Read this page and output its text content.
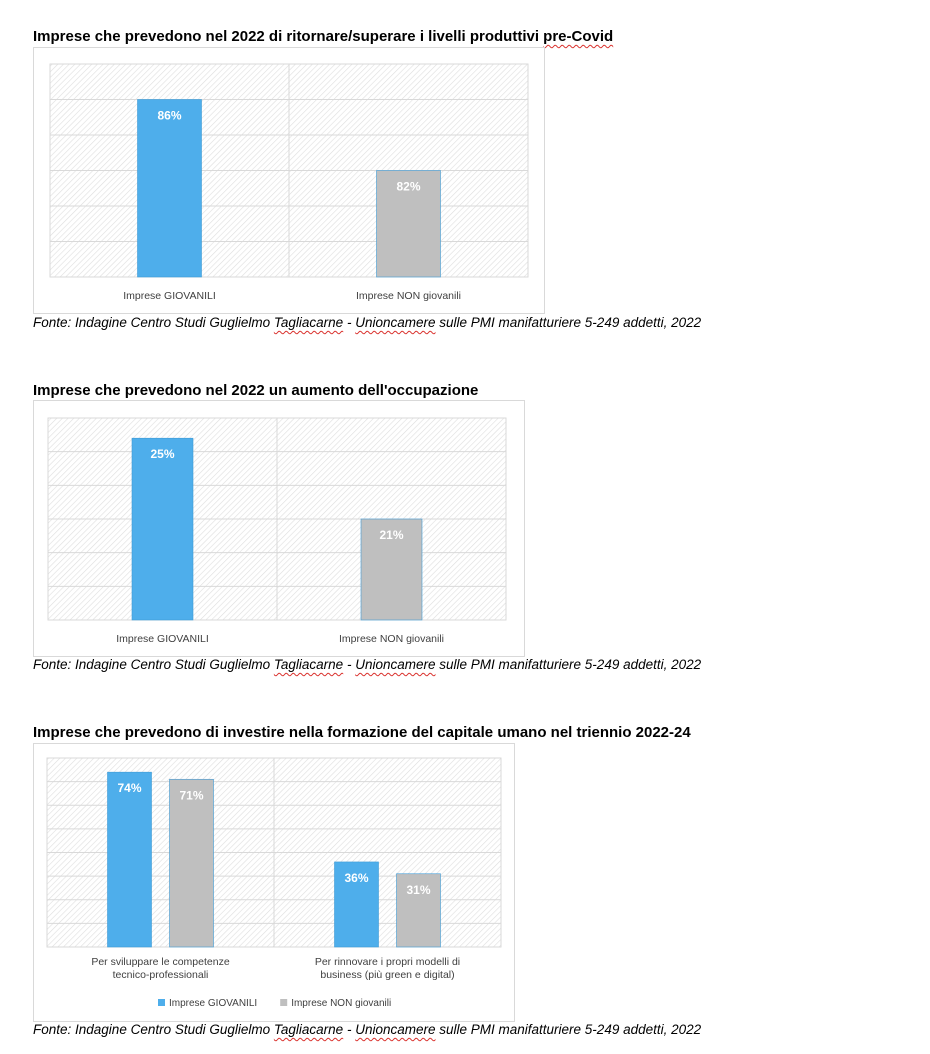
Imprese che prevedono nel 2022 di ritornare/superare i livelli produttivi pre-Covid
86%
Imprese GIOVANILI
82%
Imprese NON giovanili
Fonte: Indagine Centro Studi Guglielmo Tagliacarne - Unioncamere sulle PMI manifatturiere 5-249 addetti, 2022
Imprese che prevedono nel 2022 un aumento dell'occupazione
25%
Imprese GIOVANILI
21%
Imprese NON giovanili
Fonte: Indagine Centro Studi Guglielmo Tagliacarne - Unioncamere sulle PMI manifatturiere 5-249 addetti, 2022
Imprese che prevedono di investire nella formazione del capitale umano nel triennio 2022-24
74%
71%
Per sviluppare le competenze
tecnico-professionali
36%
31%
Per rinnovare i propri modelli di
business (più green e digital)
Imprese GIOVANILI	Imprese NON giovanili
Fonte: Indagine Centro Studi Guglielmo Tagliacarne - Unioncamere sulle PMI manifatturiere 5-249 addetti, 2022
